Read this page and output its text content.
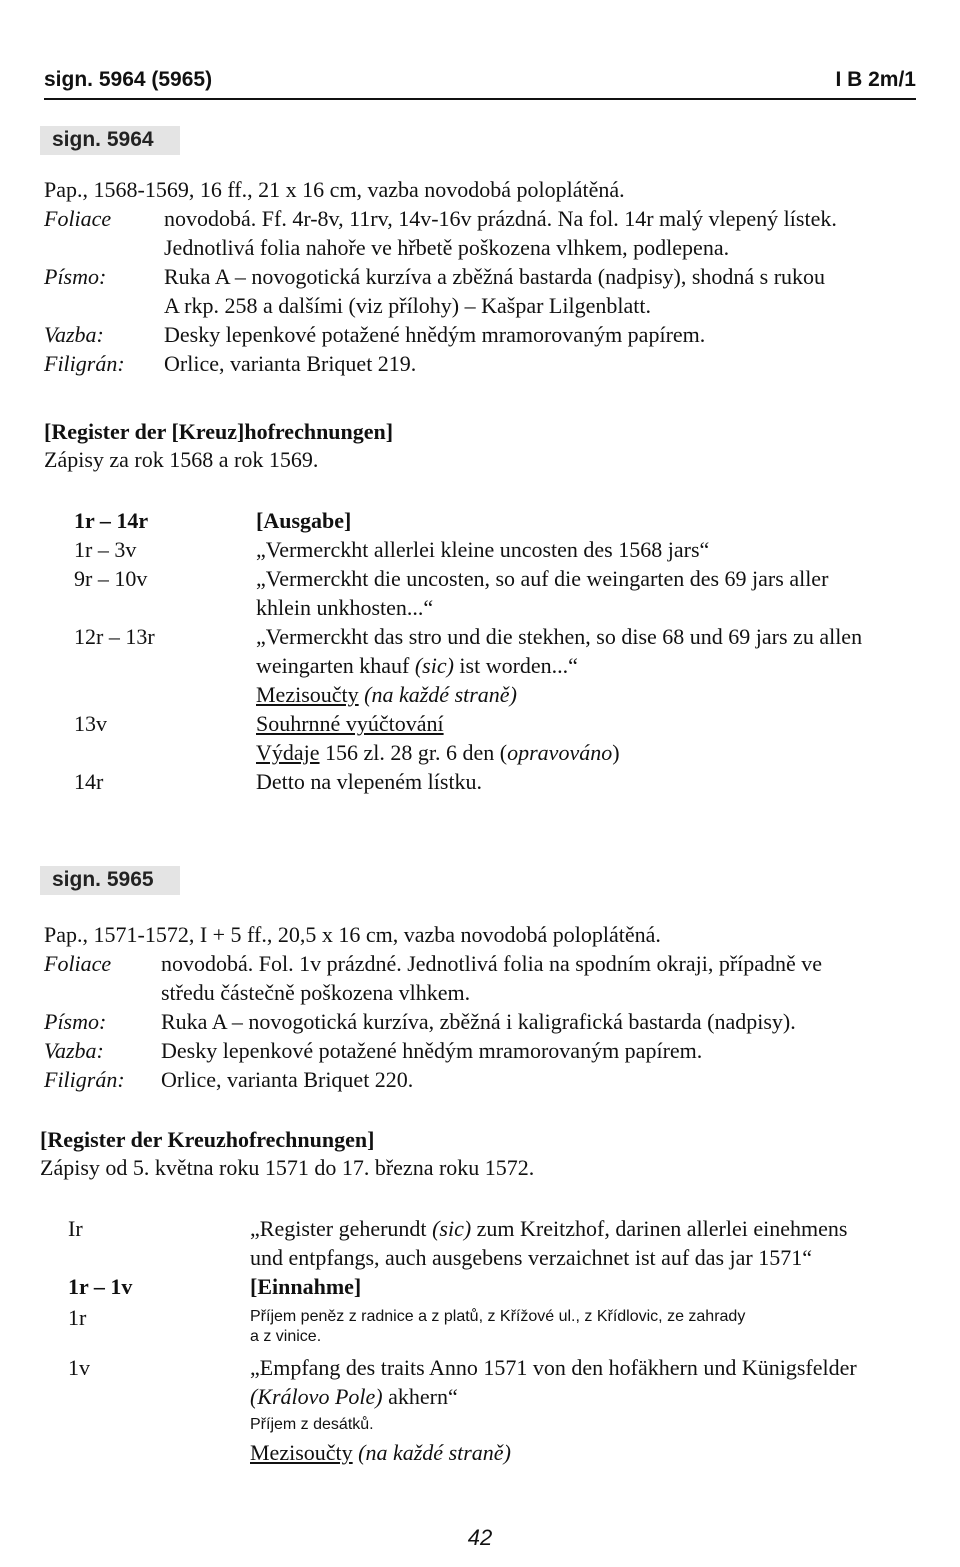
sign. 5964 (5965)	I B 2m/1
sign. 5964
Pap., 1568-1569, 16 ff., 21 x 16 cm, vazba novodobá poloplátěná.
Foliace	novodobá. Ff. 4r-8v, 11rv, 14v-16v prázdná. Na fol. 14r malý vlepený lístek.
Jednotlivá folia nahoře ve hřbetě poškozena vlhkem, podlepena.
Písmo:	Ruka A – novogotická kurzíva a zběžná bastarda (nadpisy), shodná s rukou
A rkp. 258 a dalšími (viz přílohy) – Kašpar Lilgenblatt.
Vazba:	Desky lepenkové potažené hnědým mramorovaným papírem.
Filigrán:	Orlice, varianta Briquet 219.
[Register der [Kreuz]hofrechnungen]
Zápisy za rok 1568 a rok 1569.
1r – 14r	[Ausgabe]
1r – 3v	„Vermerckht allerlei kleine uncosten des 1568 jars“
9r – 10v	„Vermerckht die uncosten, so auf die weingarten des 69 jars aller
khlein unkhosten...“
12r – 13r	„Vermerckht das stro und die stekhen, so dise 68 und 69 jars zu allen
weingarten khauf (sic) ist worden...“
Mezisoučty (na každé straně)
13v	Souhrnné vyúčtování
Výdaje 156 zl. 28 gr. 6 den (opravováno)
14r	Detto na vlepeném lístku.
sign. 5965
Pap., 1571-1572, I + 5 ff., 20,5 x 16 cm, vazba novodobá poloplátěná.
Foliace	novodobá. Fol. 1v prázdné. Jednotlivá folia na spodním okraji, případně ve
středu částečně poškozena vlhkem.
Písmo:	Ruka A – novogotická kurzíva, zběžná i kaligrafická bastarda (nadpisy).
Vazba:	Desky lepenkové potažené hnědým mramorovaným papírem.
Filigrán:	Orlice, varianta Briquet 220.
[Register der Kreuzhofrechnungen]
Zápisy od 5. května roku 1571 do 17. března roku 1572.
Ir	„Register geherundt (sic) zum Kreitzhof, darinen allerlei einehmens
und entpfangs, auch ausgebens verzaichnet ist auf das jar 1571“
1r – 1v	[Einnahme]
1r	Příjem peněz z radnice a z platů, z Křížové ul., z Křídlovic, ze zahrady
a z vinice.
1v	„Empfang des traits Anno 1571 von den hofäkhern und Künigsfelder
(Královo Pole) akhern“
Příjem z desátků.
Mezisoučty (na každé straně)
42
